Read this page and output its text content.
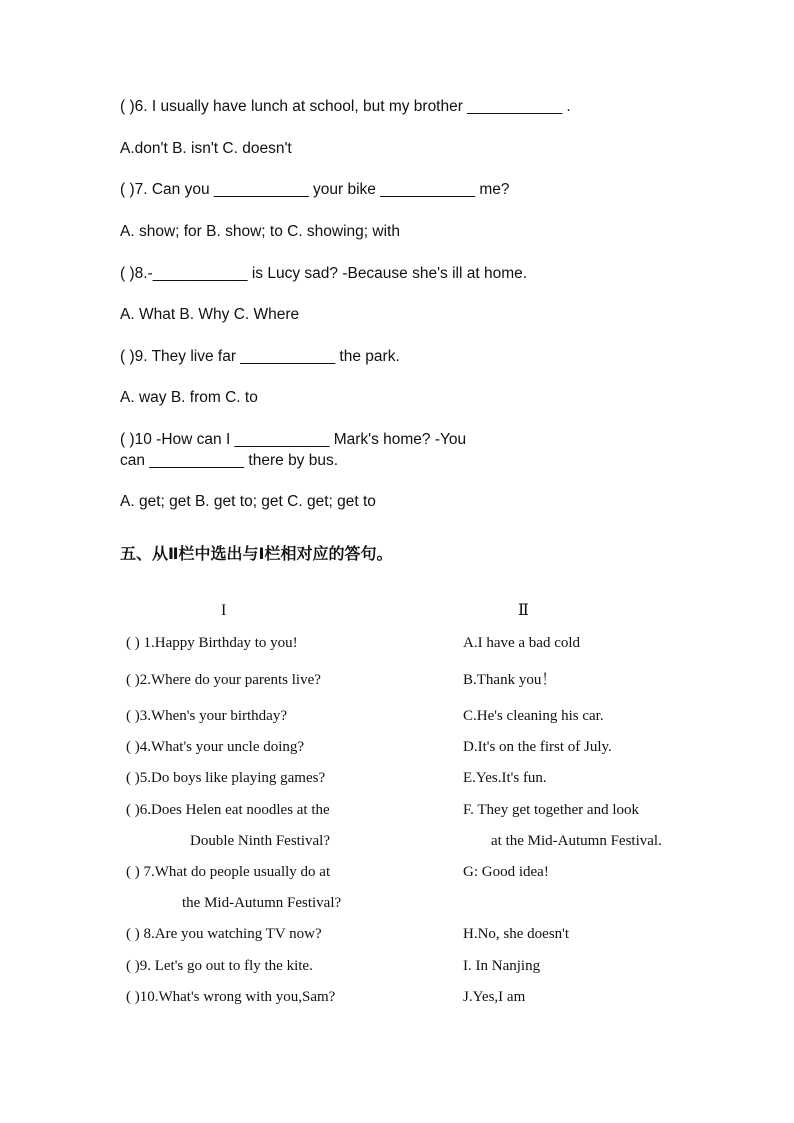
( )6. I usually have lunch at school, but my brother ___________ .
A.don't B. isn't C. doesn't
( )7. Can you ___________ your bike ___________ me?
A. show; for B. show; to C. showing; with
( )8.-___________ is Lucy sad? -Because she's ill at home.
A. What B. Why C. Where
( )9. They live far ___________ the park.
A. way B. from C. to
( )10 -How can I ___________ Mark's home? -You
can ___________ there by bus.
A. get; get B. get to; get C. get; get to
五、从Ⅱ栏中选出与Ⅰ栏相对应的答句。
I	Ⅱ
( ) 1.Happy Birthday to you!	A.I have a bad cold
( )2.Where do your parents live?	B.Thank you！
( )3.When's your birthday?	C.He's cleaning his car.
( )4.What's your uncle doing?	D.It's on the first of July.
( )5.Do boys like playing games?	E.Yes.It's fun.
( )6.Does Helen eat noodles at the	F. They get together and look
Double Ninth Festival?	at the Mid-Autumn Festival.
( ) 7.What do people usually do at	G: Good idea!
the Mid-Autumn Festival?
( ) 8.Are you watching TV now?	H.No, she doesn't
( )9. Let's go out to fly the kite.	I. In Nanjing
( )10.What's wrong with you,Sam?	J.Yes,I am
